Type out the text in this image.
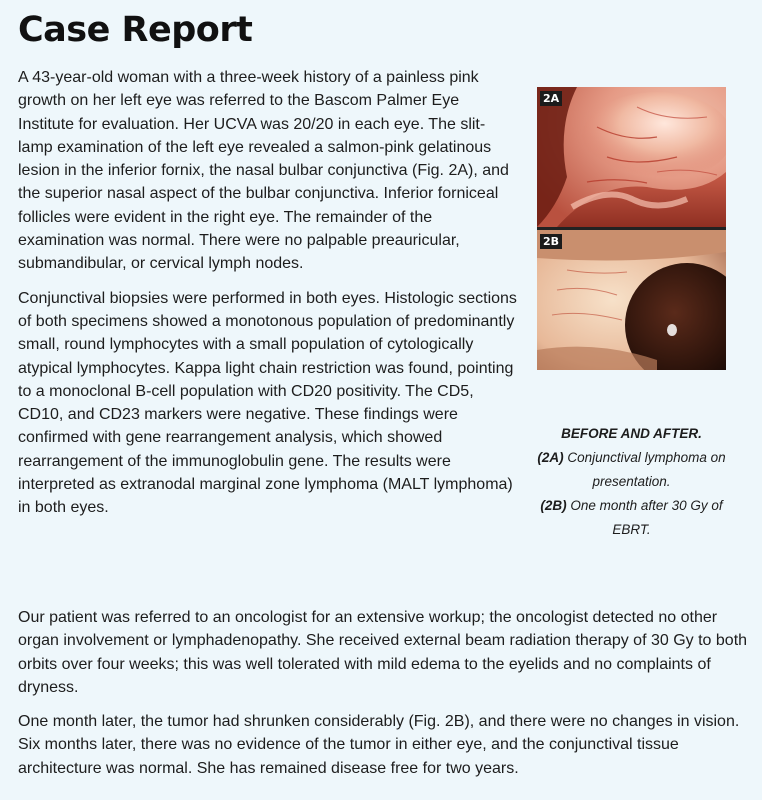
Case Report

A 43-year-old woman with a three-week history of a painless pink growth on her left eye was referred to the Bascom Palmer Eye Institute for evaluation. Her UCVA was 20/20 in each eye. The slit-lamp examination of the left eye revealed a salmon-pink gelatinous lesion in the inferior fornix, the nasal bulbar conjunctiva (Fig. 2A), and the superior nasal aspect of the bulbar conjunctiva. Inferior forniceal follicles were evident in the right eye. The remainder of the examination was normal. There were no palpable preauricular, submandibular, or cervical lymph nodes.

Conjunctival biopsies were performed in both eyes. Histologic sections of both specimens showed a monotonous population of predominantly small, round lymphocytes with a small population of cytologically atypical lymphocytes. Kappa light chain restriction was found, pointing to a monoclonal B-cell population with CD20 positivity. The CD5, CD10, and CD23 markers were negative. These findings were confirmed with gene rearrangement analysis, which showed rearrangement of the immunoglobulin gene. The results were interpreted as extranodal marginal zone lymphoma (MALT lymphoma) in both eyes.

Our patient was referred to an oncologist for an extensive workup; the oncologist detected no other organ involvement or lymphadenopathy. She received external beam radiation therapy of 30 Gy to both orbits over four weeks; this was well tolerated with mild edema to the eyelids and no complaints of dryness.

One month later, the tumor had shrunken considerably (Fig. 2B), and there were no changes in vision. Six months later, there was no evidence of the tumor in either eye, and the conjunctival tissue architecture was normal. She has remained disease free for two years.

2A
2B
BEFORE AND AFTER.
(2A) Conjunctival lymphoma on presentation.
(2B) One month after 30 Gy of EBRT.
